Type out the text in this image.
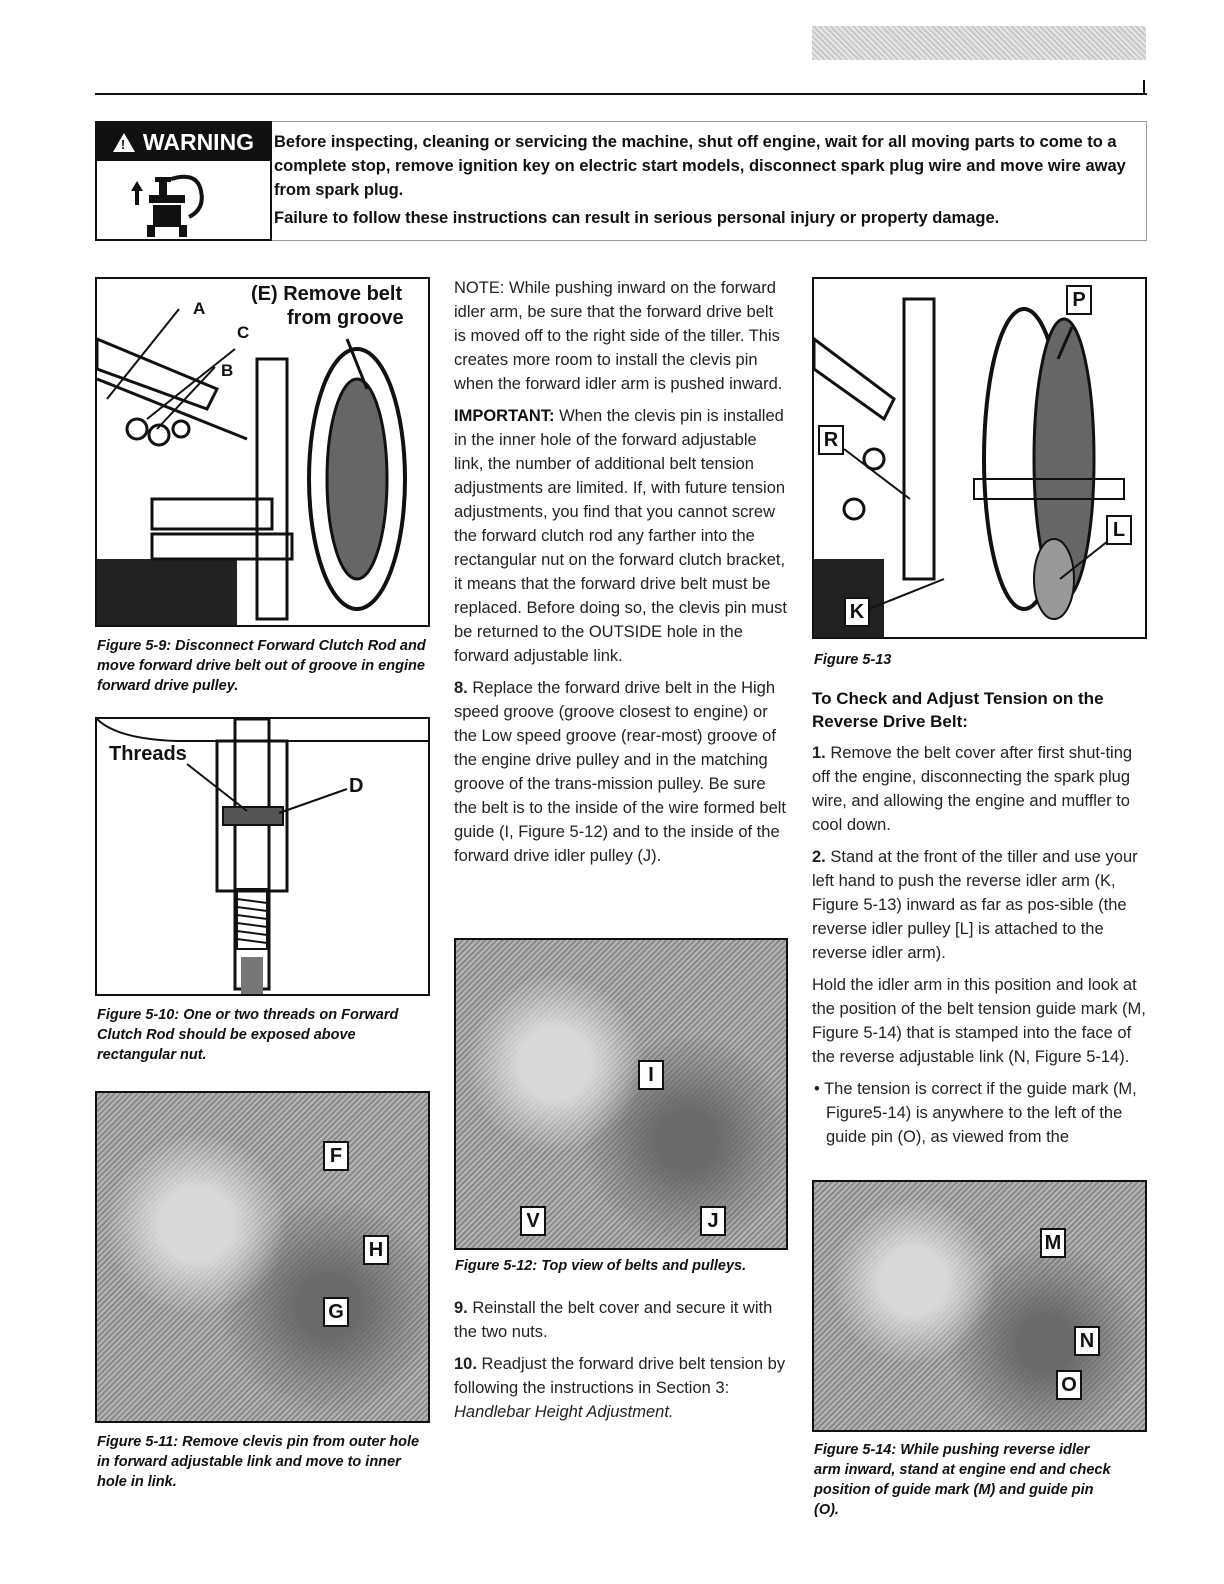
! WARNING Before inspecting, cleaning or servicing the machine, shut off engine, wait for all moving parts to come to a complete stop, remove ignition key on electric start models, disconnect spark plug wire and move wire away from spark plug.

Failure to follow these instructions can result in serious personal injury or property damage.

(E) Remove belt
from groove
A
C
B
Figure 5-9: Disconnect Forward Clutch Rod and move forward drive belt out of groove in engine forward drive pulley.
Threads
D
Figure 5-10: One or two threads on Forward Clutch Rod should be exposed above rectangular nut.
F
H
G
Figure 5-11: Remove clevis pin from outer hole in forward adjustable link and move to inner hole in link.

NOTE: While pushing inward on the forward idler arm, be sure that the forward drive belt is moved off to the right side of the tiller. This creates more room to install the clevis pin when the forward idler arm is pushed inward.

IMPORTANT: When the clevis pin is installed in the inner hole of the forward adjustable link, the number of additional belt tension adjustments are limited. If, with future tension adjustments, you find that you cannot screw the forward clutch rod any farther into the rectangular nut on the forward clutch bracket, it means that the forward drive belt must be replaced. Before doing so, the clevis pin must be returned to the OUTSIDE hole in the forward adjustable link.

8. Replace the forward drive belt in the High speed groove (groove closest to engine) or the Low speed groove (rear-most) groove of the engine drive pulley and in the matching groove of the trans-mission pulley. Be sure the belt is to the inside of the wire formed belt guide (I, Figure 5-12) and to the inside of the forward drive idler pulley (J).

I
V	J
Figure 5-12: Top view of belts and pulleys.

9. Reinstall the belt cover and secure it with the two nuts.

10. Readjust the forward drive belt tension by following the instructions in Section 3: Handlebar Height Adjustment.

P
R
L
K
Figure 5-13

To Check and Adjust Tension on the Reverse Drive Belt:

1. Remove the belt cover after first shut-ting off the engine, disconnecting the spark plug wire, and allowing the engine and muffler to cool down.

2. Stand at the front of the tiller and use your left hand to push the reverse idler arm (K, Figure 5-13) inward as far as pos-sible (the reverse idler pulley [L] is attached to the reverse idler arm).

Hold the idler arm in this position and look at the position of the belt tension guide mark (M, Figure 5-14) that is stamped into the face of the reverse adjustable link (N, Figure 5-14).

• The tension is correct if the guide mark (M, Figure5-14) is anywhere to the left of the guide pin (O), as viewed from the

M
N
O
Figure 5-14: While pushing reverse idler arm inward, stand at engine end and check position of guide mark (M) and guide pin (O).
